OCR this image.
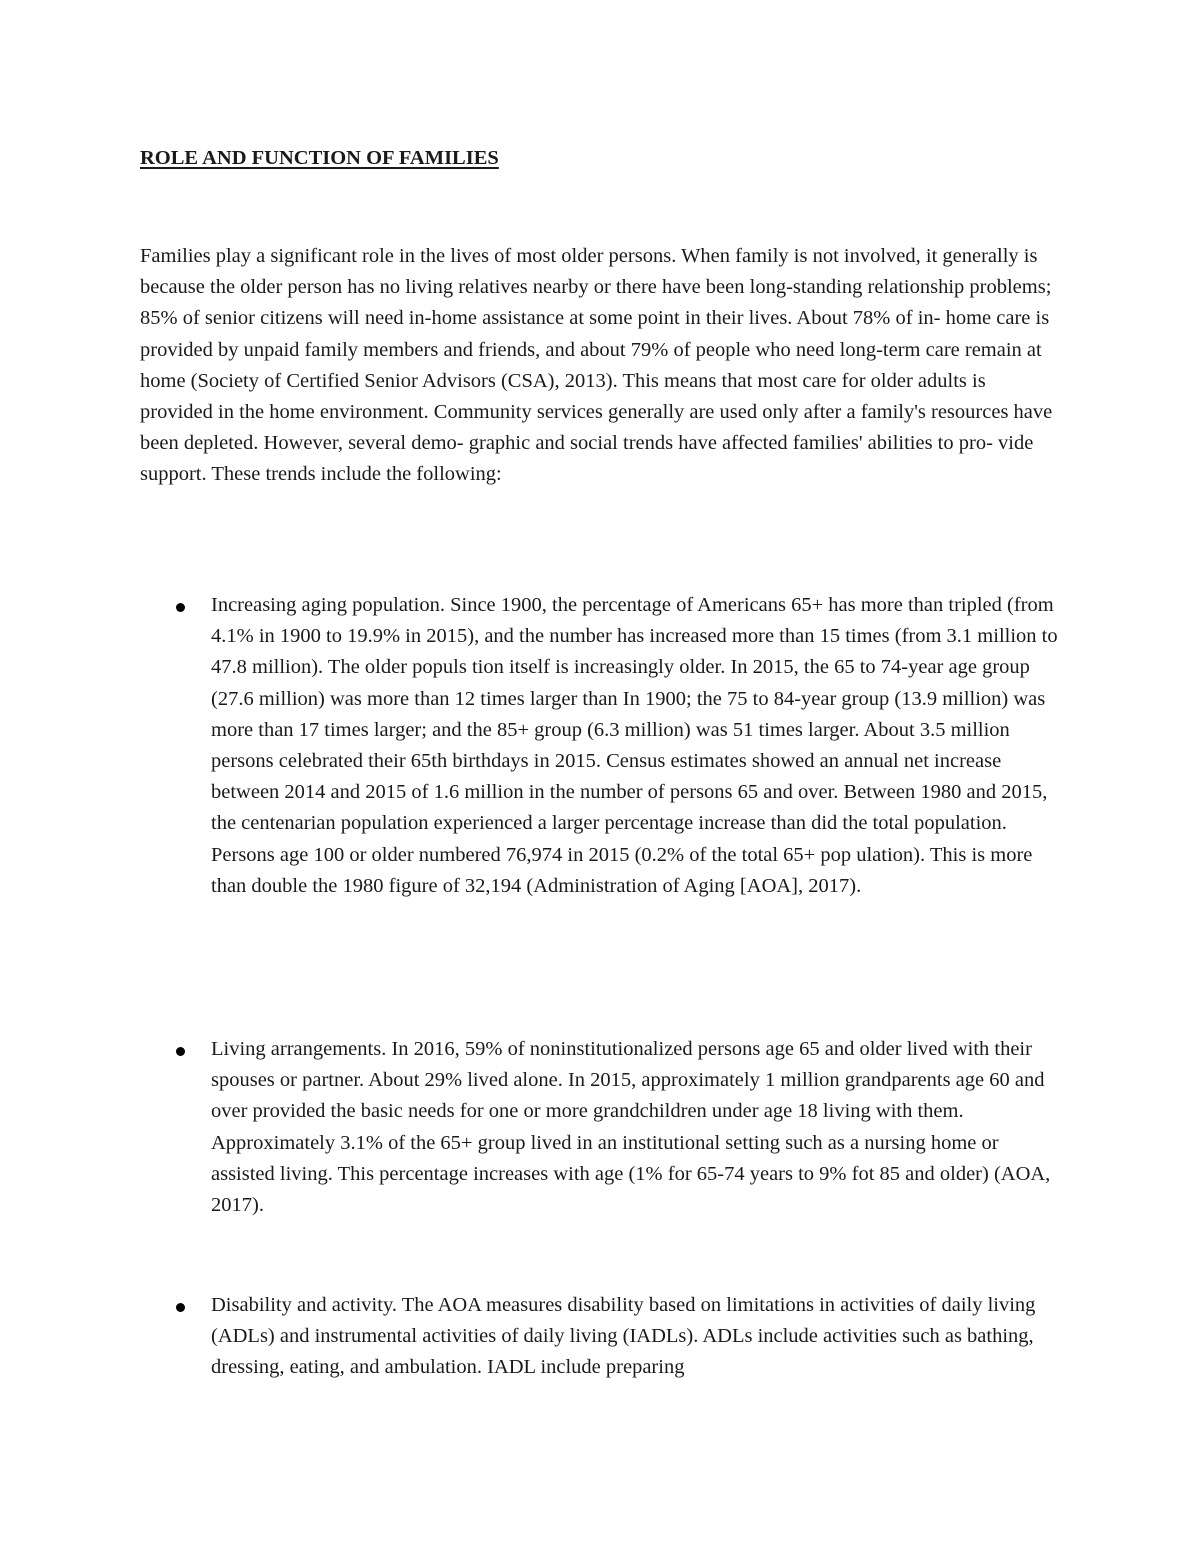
ROLE AND FUNCTION OF FAMILIES

Families play a significant role in the lives of most older persons. When family is not involved, it generally is because the older person has no living relatives nearby or there have been long-standing relationship problems; 85% of senior citizens will need in-home assistance at some point in their lives. About 78% of in- home care is provided by unpaid family members and friends, and about 79% of people who need long-term care remain at home (Society of Certified Senior Advisors (CSA), 2013). This means that most care for older adults is provided in the home environment. Community services generally are used only after a family's resources have been depleted. However, several demo- graphic and social trends have affected families' abilities to pro- vide support. These trends include the following:

Increasing aging population. Since 1900, the percentage of Americans 65+ has more than tripled (from 4.1% in 1900 to 19.9% in 2015), and the number has increased more than 15 times (from 3.1 million to 47.8 million). The older populs tion itself is increasingly older. In 2015, the 65 to 74-year age group (27.6 million) was more than 12 times larger than In 1900; the 75 to 84-year group (13.9 million) was more than 17 times larger; and the 85+ group (6.3 million) was 51 times larger. About 3.5 million persons celebrated their 65th birthdays in 2015. Census estimates showed an annual net increase between 2014 and 2015 of 1.6 million in the number of persons 65 and over. Between 1980 and 2015, the centenarian population experienced a larger percentage increase than did the total population. Persons age 100 or older numbered 76,974 in 2015 (0.2% of the total 65+ pop ulation). This is more than double the 1980 figure of 32,194 (Administration of Aging [AOA], 2017).

Living arrangements. In 2016, 59% of noninstitutionalized persons age 65 and older lived with their spouses or partner. About 29% lived alone. In 2015, approximately 1 million grandparents age 60 and over provided the basic needs for one or more grandchildren under age 18 living with them. Approximately 3.1% of the 65+ group lived in an institutional setting such as a nursing home or assisted living. This percentage increases with age (1% for 65-74 years to 9% fot 85 and older) (AOA, 2017).

Disability and activity. The AOA measures disability based on limitations in activities of daily living (ADLs) and instrumental activities of daily living (IADLs). ADLs include activities such as bathing, dressing, eating, and ambulation. IADL include preparing
